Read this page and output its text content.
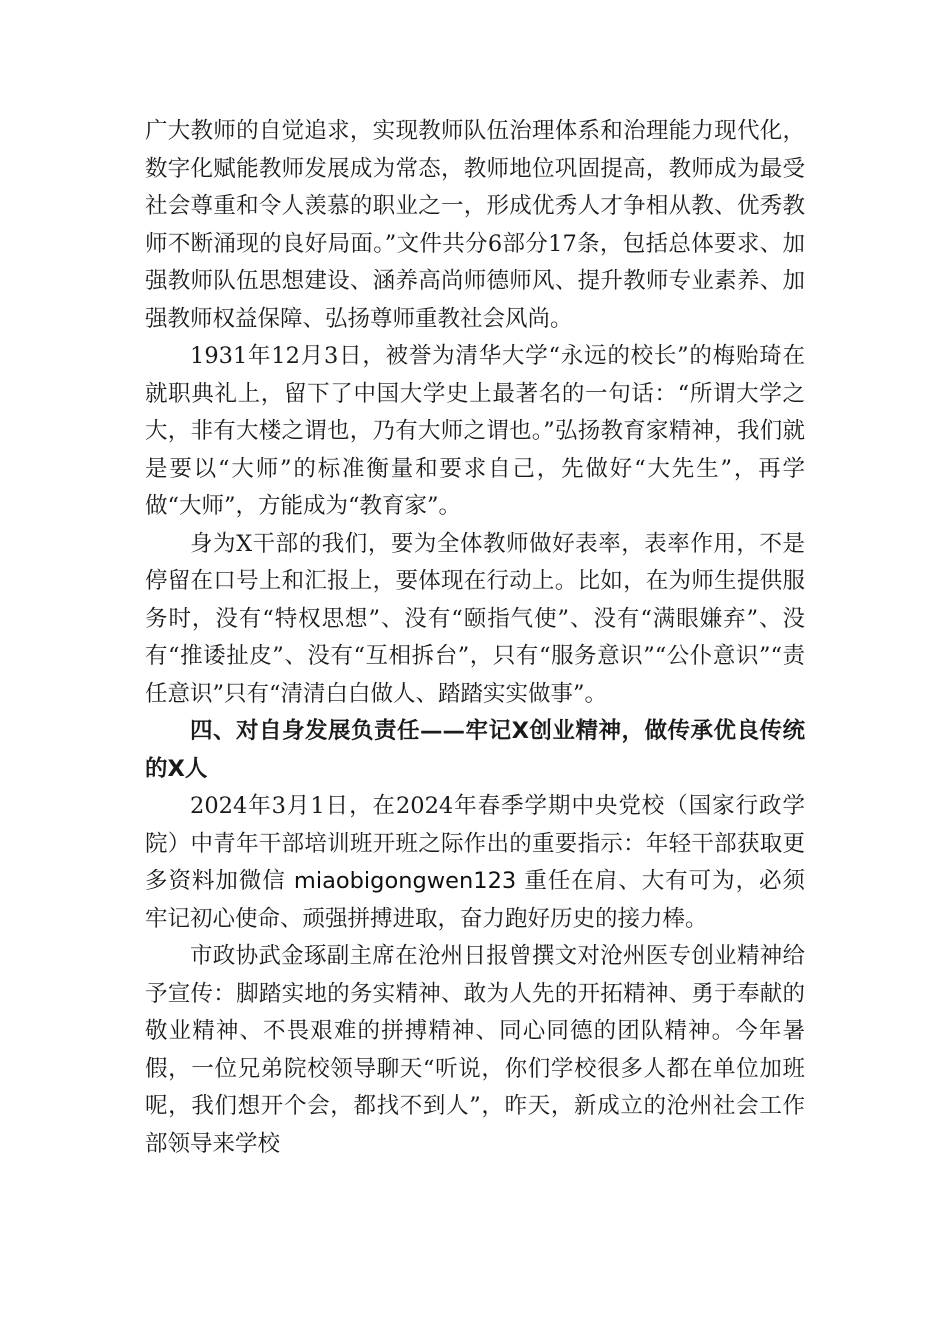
广大教师的自觉追求，实现教师队伍治理体系和治理能力现代化，数字化赋能教师发展成为常态，教师地位巩固提高，教师成为最受社会尊重和令人羡慕的职业之一，形成优秀人才争相从教、优秀教师不断涌现的良好局面。”文件共分6部分17条，包括总体要求、加强教师队伍思想建设、涵养高尚师德师风、提升教师专业素养、加强教师权益保障、弘扬尊师重教社会风尚。

1931年12月3日，被誉为清华大学“永远的校长”的梅贻琦在就职典礼上，留下了中国大学史上最著名的一句话：“所谓大学之大，非有大楼之谓也，乃有大师之谓也。”弘扬教育家精神，我们就是要以“大师”的标准衡量和要求自己，先做好“大先生”，再学做“大师”，方能成为“教育家”。

身为X干部的我们，要为全体教师做好表率，表率作用，不是停留在口号上和汇报上，要体现在行动上。比如，在为师生提供服务时，没有“特权思想”、没有“颐指气使”、没有“满眼嫌弃”、没有“推诿扯皮”、没有“互相拆台”，只有“服务意识”“公仆意识”“责任意识”只有“清清白白做人、踏踏实实做事”。

四、对自身发展负责任——牢记X创业精神，做传承优良传统的X人

2024年3月1日，在2024年春季学期中央党校（国家行政学院）中青年干部培训班开班之际作出的重要指示：年轻干部获取更多资料加微信 miaobigongwen123 重任在肩、大有可为，必须牢记初心使命、顽强拼搏进取，奋力跑好历史的接力棒。

市政协武金琢副主席在沧州日报曾撰文对沧州医专创业精神给予宣传：脚踏实地的务实精神、敢为人先的开拓精神、勇于奉献的敬业精神、不畏艰难的拼搏精神、同心同德的团队精神。今年暑假，一位兄弟院校领导聊天“听说，你们学校很多人都在单位加班呢，我们想开个会，都找不到人”，昨天，新成立的沧州社会工作部领导来学校
